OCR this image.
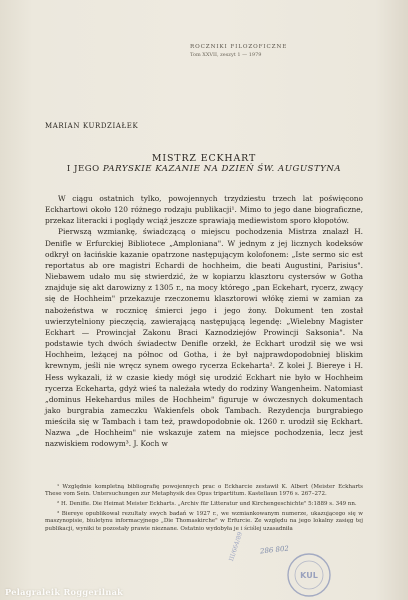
ROCZNIKI FILOZOFICZNE
Tom XXVII, zeszyt 1 — 1979
MARIAN KURDZIAŁEK
MISTRZ ECKHART
I JEGO PARYSKIE KAZANIE NA DZIEŃ ŚW. AUGUSTYNA

W ciągu ostatnich tylko, powojennych trzydziestu trzech lat poświęcono Eckhartowi około 120 różnego rodzaju publikacji¹. Mimo to jego dane biograficzne, przekaz literacki i poglądy wciąż jeszcze sprawiają mediewistom sporo kłopotów.

Pierwszą wzmiankę, świadczącą o miejscu pochodzenia Mistrza znalazł H. Denifle w Erfurckiej Bibliotece „Amploniana". W jednym z jej licznych kodeksów odkrył on łacińskie kazanie opatrzone następującym kolofonem: „Iste sermo sic est reportatus ab ore magistri Echardi de hochheim, die beati Augustini, Parisius". Niebawem udało mu się stwierdzić, że w kopiarzu klasztoru cystersów w Gotha znajduje się akt darowizny z 1305 r., na mocy którego „pan Eckehart, rycerz, zwący się de Hochheim" przekazuje rzeczonemu klasztorowi włókę ziemi w zamian za nabożeństwa w rocznicę śmierci jego i jego żony. Dokument ten został uwierzytelniony pieczęcią, zawierającą następującą legendę: „Wielebny Magister Eckhart — Prowincjał Zakonu Braci Kaznodziejów Prowincji Saksonia". Na podstawie tych dwóch świadectw Denifle orzekł, że Eckhart urodził się we wsi Hochheim, leżącej na północ od Gotha, i że był najprawdopodobniej bliskim krewnym, jeśli nie wręcz synem owego rycerza Eckeharta². Z kolei J. Biereye i H. Hess wykazali, iż w czasie kiedy mógł się urodzić Eckhart nie było w Hochheim rycerza Eckeharta, gdyż wieś ta należała wtedy do rodziny Wangenheim. Natomiast „dominus Hekehardus miles de Hochheim" figuruje w ówczesnych dokumentach jako burgrabia zameczku Wakienfels obok Tambach. Rezydencja burgrabiego mieściła się w Tambach i tam też, prawdopodobnie ok. 1260 r. urodził się Eckhart. Nazwa „de Hochheim" nie wskazuje zatem na miejsce pochodzenia, lecz jest nazwiskiem rodowym³. J. Koch w

¹ Względnie kompletną bibliografię powojennych prac o Eckharcie zestawił K. Albert (Meister Eckharts These vom Sein. Untersuchungen zur Metaphysik des Opus tripartitum. Kastellaun 1976 s. 267–272.

² H. Denifle. Die Heimat Meister Eckharts. „Archiv für Litteratur und Kirchengeschichte" 5:1889 s. 349 nn.

³ Biereye opublikował rezultaty swych badań w 1927 r., we wzmiankowanym numerze, ukazującego się w maszynopisie, biuletynu informacyjnego „Die Thomaskirche" w Erfurcie. Ze względu na jego lokalny zasięg tej publikacji, wyniki te pozostały prawie nieznane. Ostatnio wydobyła je i ściślej uzasadniła

286 802
III/664/89
KUL
Pelagraleik Roggerilnak
